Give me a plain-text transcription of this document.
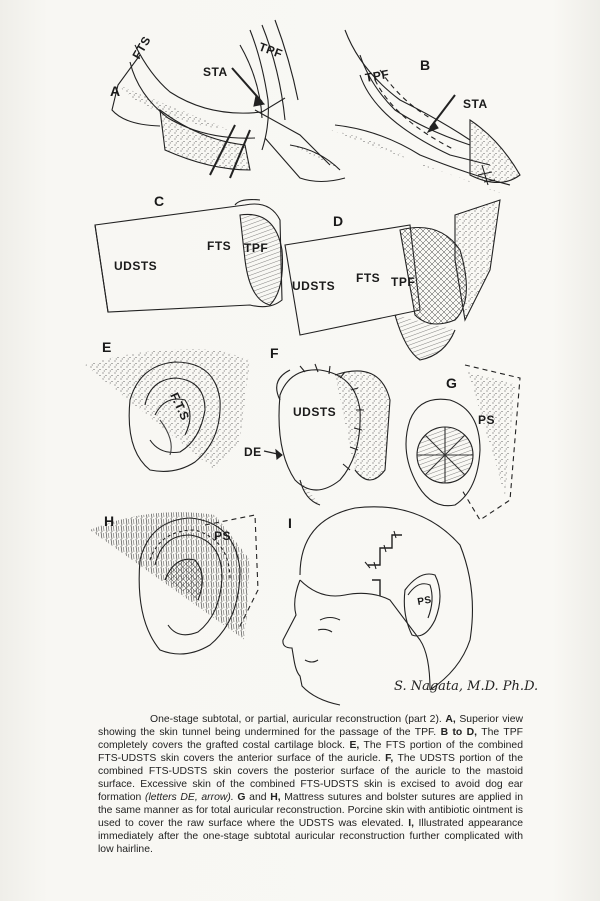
A
FTS	TPF
STA	B
TPF
STA
C
UDSTS
FTS TPF
D
UDSTS
FTS TPF
E
F.T.S
F
UDSTS
DE
G
PS
H
PS
I
PS
S. Nagata, M.D. Ph.D.
One-stage subtotal, or partial, auricular reconstruction (part 2). A, Superior view showing the skin tunnel being undermined for the passage of the TPF. B to D, The TPF completely covers the grafted costal cartilage block. E, The FTS portion of the combined FTS-UDSTS skin covers the anterior surface of the auricle. F, The UDSTS portion of the combined FTS-UDSTS skin covers the posterior surface of the auricle to the mastoid surface. Excessive skin of the combined FTS-UDSTS skin is excised to avoid dog ear formation (letters DE, arrow). G and H, Mattress sutures and bolster sutures are applied in the same manner as for total auricular reconstruction. Porcine skin with antibiotic ointment is used to cover the raw surface where the UDSTS was elevated. I, Illustrated appearance immediately after the one-stage subtotal auricular reconstruction further complicated with low hairline.
